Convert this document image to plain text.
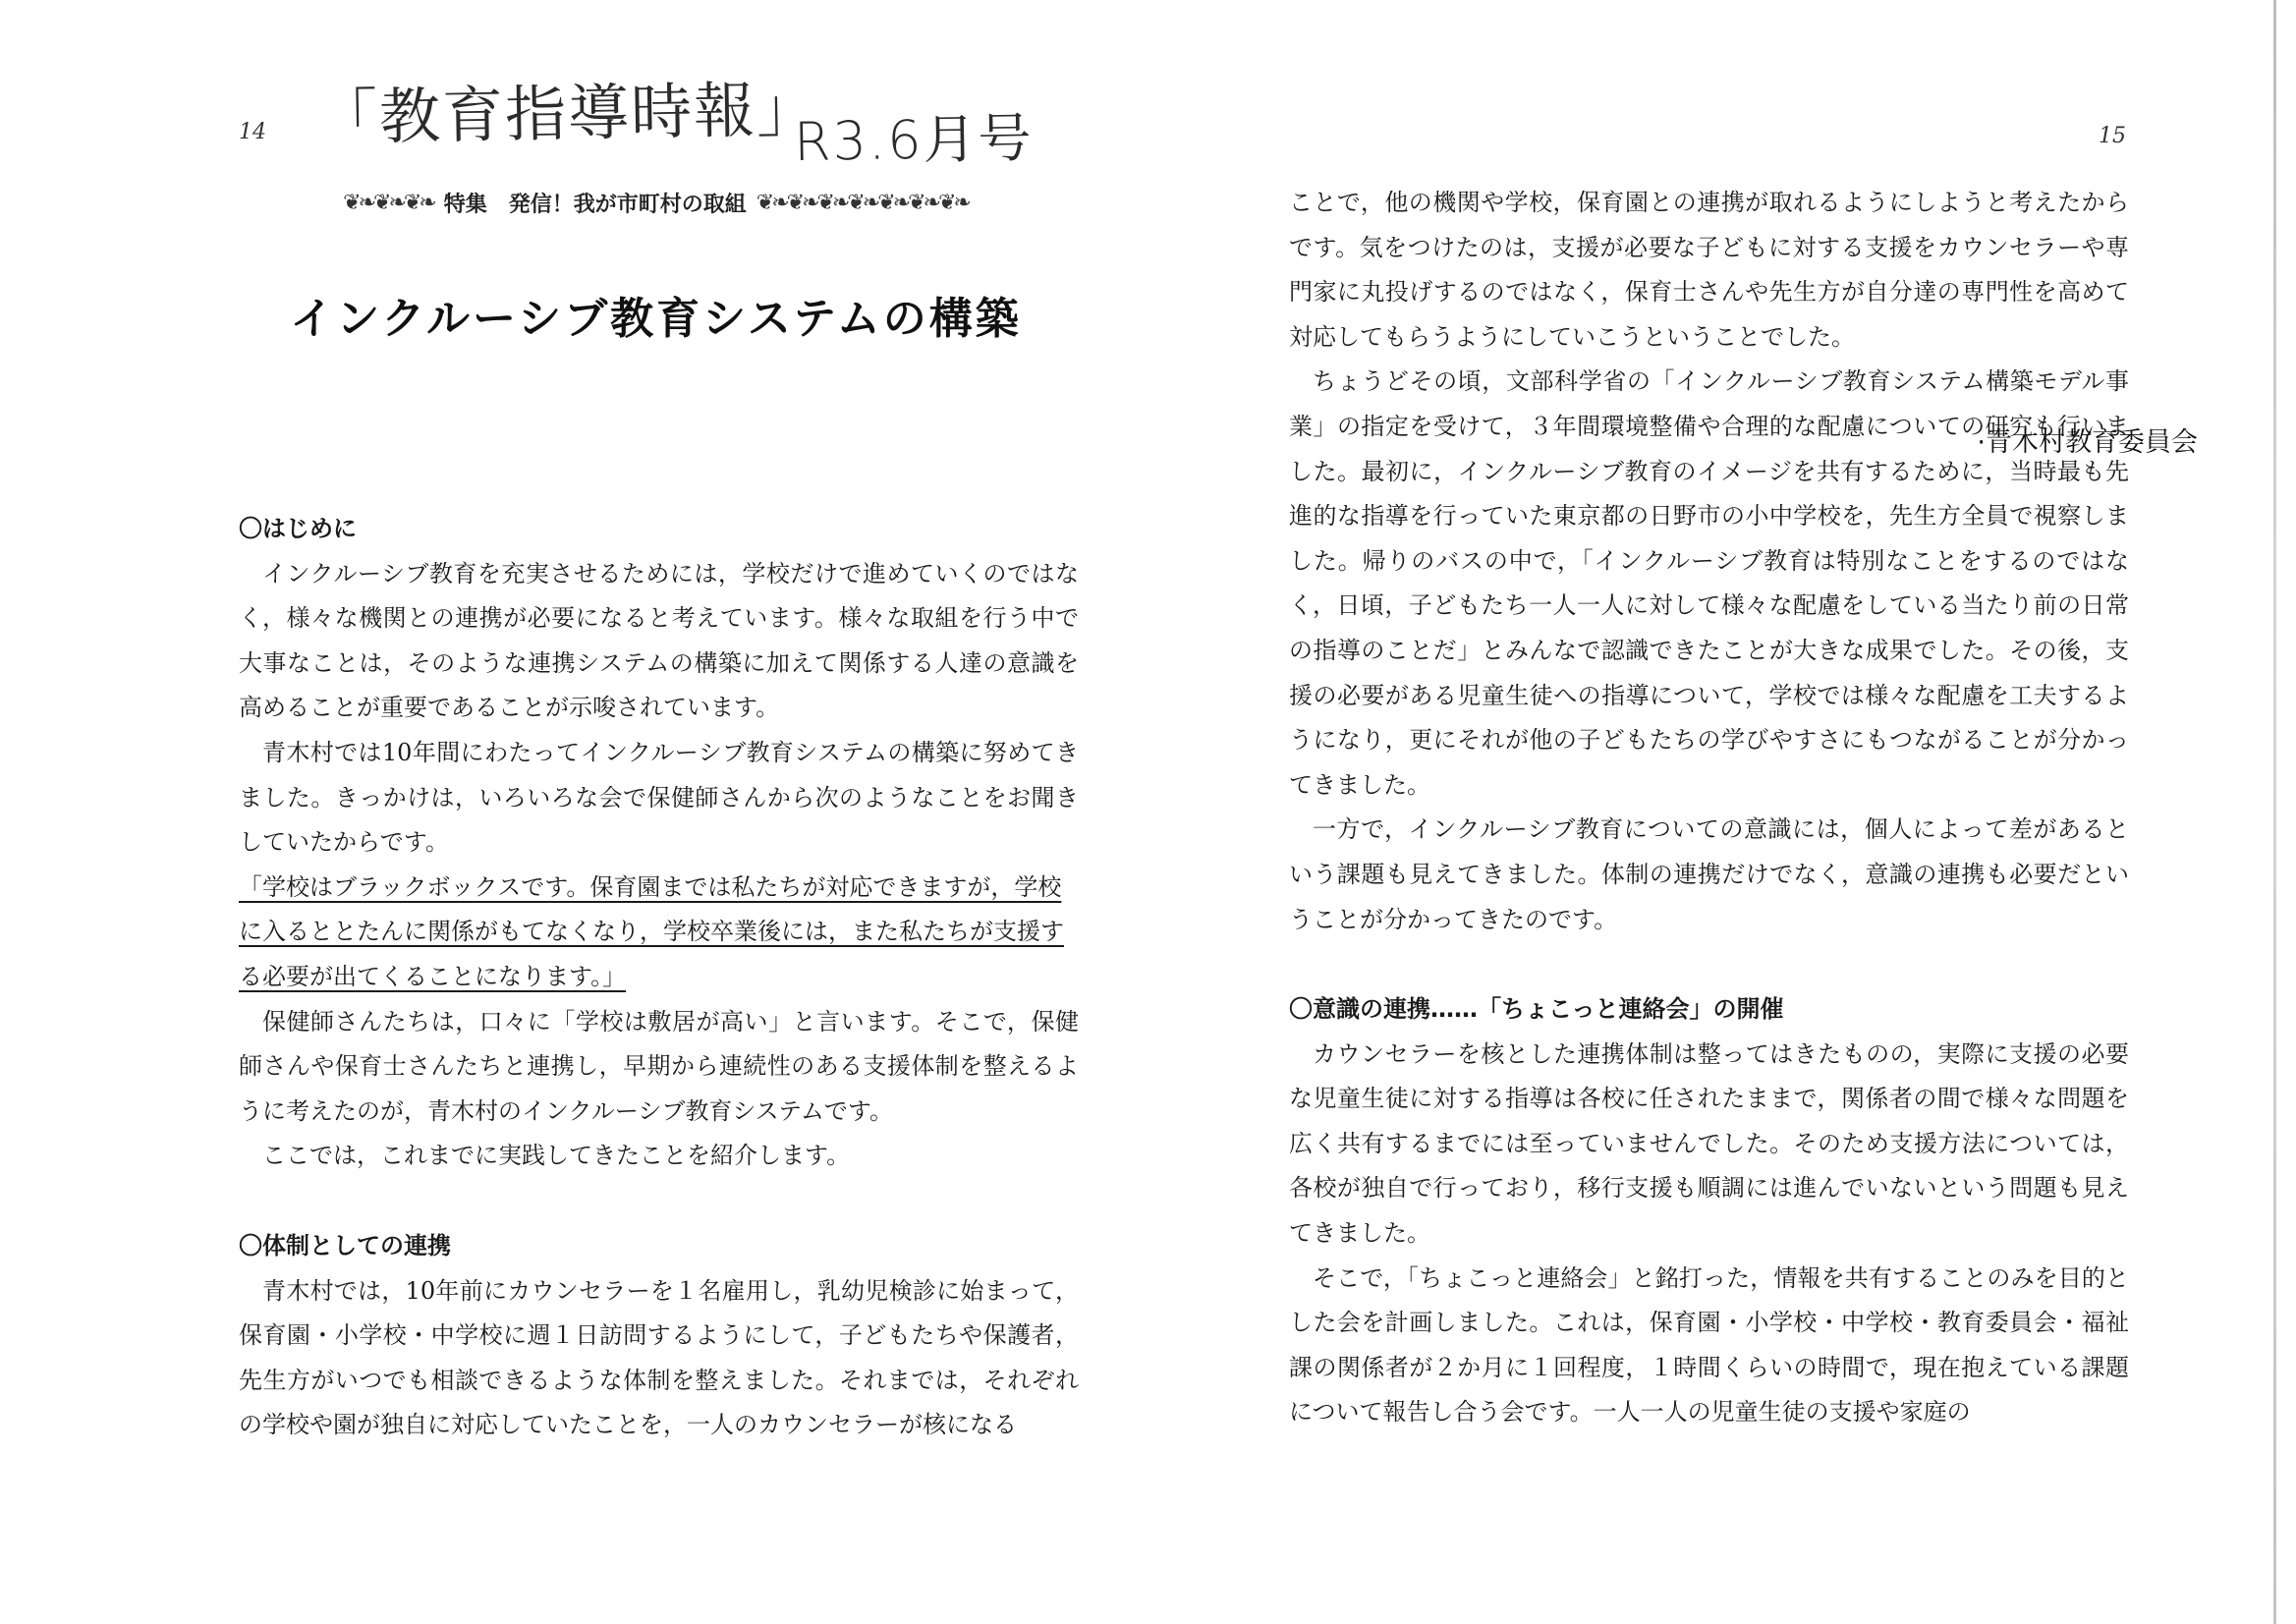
「教育指導時報」
R3.6月号
14	15
❦❧❦❧❦❧ 特集　発信！我が市町村の取組 ❦❧❦❧❦❧❦❧❦❧❦❧❦❧
インクルーシブ教育システムの構築

·青木村教育委員会

〇はじめに

インクルーシブ教育を充実させるためには，学校だけで進めていくのではなく，様々な機関との連携が必要になると考えています。様々な取組を行う中で大事なことは，そのような連携システムの構築に加えて関係する人達の意識を高めることが重要であることが示唆されています。

青木村では10年間にわたってインクルーシブ教育システムの構築に努めてきました。きっかけは，いろいろな会で保健師さんから次のようなことをお聞きしていたからです。

「学校はブラックボックスです。保育園までは私たちが対応できますが，学校に入るととたんに関係がもてなくなり，学校卒業後には，また私たちが支援する必要が出てくることになります。」

保健師さんたちは，口々に「学校は敷居が高い」と言います。そこで，保健師さんや保育士さんたちと連携し，早期から連続性のある支援体制を整えるように考えたのが，青木村のインクルーシブ教育システムです。

ここでは，これまでに実践してきたことを紹介します。

〇体制としての連携

青木村では，10年前にカウンセラーを１名雇用し，乳幼児検診に始まって，保育園・小学校・中学校に週１日訪問するようにして，子どもたちや保護者，先生方がいつでも相談できるような体制を整えました。それまでは，それぞれの学校や園が独自に対応していたことを，一人のカウンセラーが核になる

ことで，他の機関や学校，保育園との連携が取れるようにしようと考えたからです。気をつけたのは，支援が必要な子どもに対する支援をカウンセラーや専門家に丸投げするのではなく，保育士さんや先生方が自分達の専門性を高めて対応してもらうようにしていこうということでした。

ちょうどその頃，文部科学省の「インクルーシブ教育システム構築モデル事業」の指定を受けて，３年間環境整備や合理的な配慮についての研究も行いました。最初に，インクルーシブ教育のイメージを共有するために，当時最も先進的な指導を行っていた東京都の日野市の小中学校を，先生方全員で視察しました。帰りのバスの中で，「インクルーシブ教育は特別なことをするのではなく，日頃，子どもたち一人一人に対して様々な配慮をしている当たり前の日常の指導のことだ」とみんなで認識できたことが大きな成果でした。その後，支援の必要がある児童生徒への指導について，学校では様々な配慮を工夫するようになり，更にそれが他の子どもたちの学びやすさにもつながることが分かってきました。

一方で，インクルーシブ教育についての意識には，個人によって差があるという課題も見えてきました。体制の連携だけでなく，意識の連携も必要だということが分かってきたのです。

〇意識の連携……「ちょこっと連絡会」の開催

カウンセラーを核とした連携体制は整ってはきたものの，実際に支援の必要な児童生徒に対する指導は各校に任されたままで，関係者の間で様々な問題を広く共有するまでには至っていませんでした。そのため支援方法については，各校が独自で行っており，移行支援も順調には進んでいないという問題も見えてきました。

そこで，「ちょこっと連絡会」と銘打った，情報を共有することのみを目的とした会を計画しました。これは，保育園・小学校・中学校・教育委員会・福祉課の関係者が２か月に１回程度，１時間くらいの時間で，現在抱えている課題について報告し合う会です。一人一人の児童生徒の支援や家庭の
